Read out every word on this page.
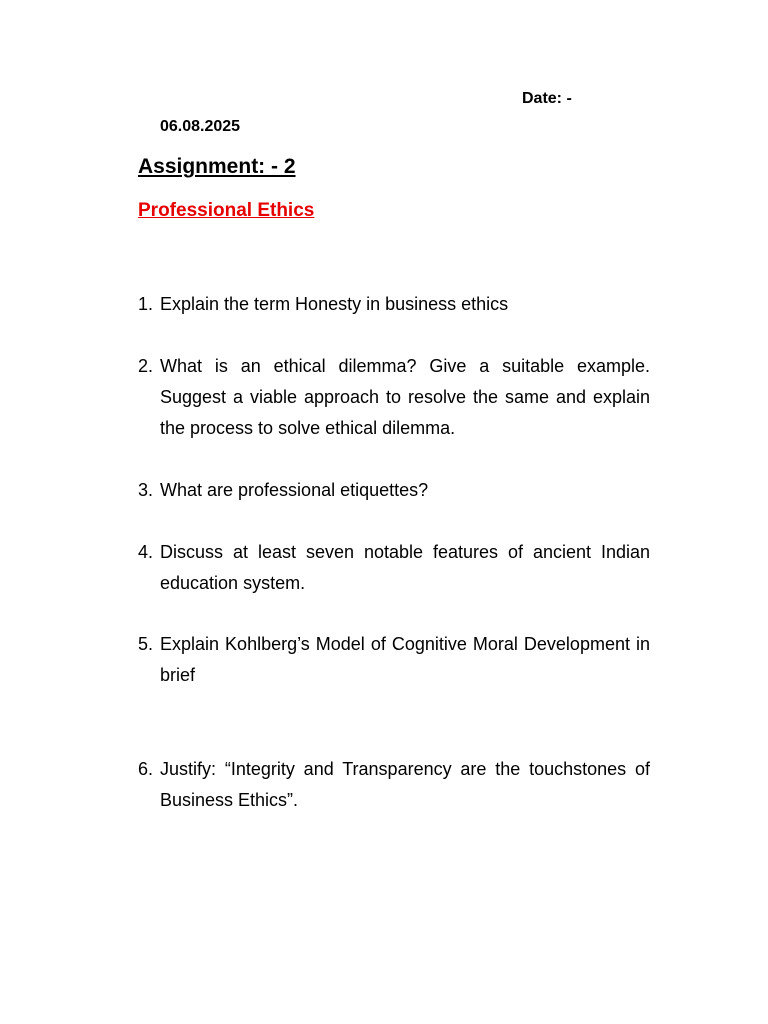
Date: -
06.08.2025
Assignment: - 2
Professional Ethics
1. Explain the term Honesty in business ethics
2. What is an ethical dilemma? Give a suitable example. Suggest a viable approach to resolve the same and explain the process to solve ethical dilemma.
3. What are professional etiquettes?
4. Discuss at least seven notable features of ancient Indian education system.
5. Explain Kohlberg’s Model of Cognitive Moral Development in brief
6. Justify: “Integrity and Transparency are the touchstones of Business Ethics”.
